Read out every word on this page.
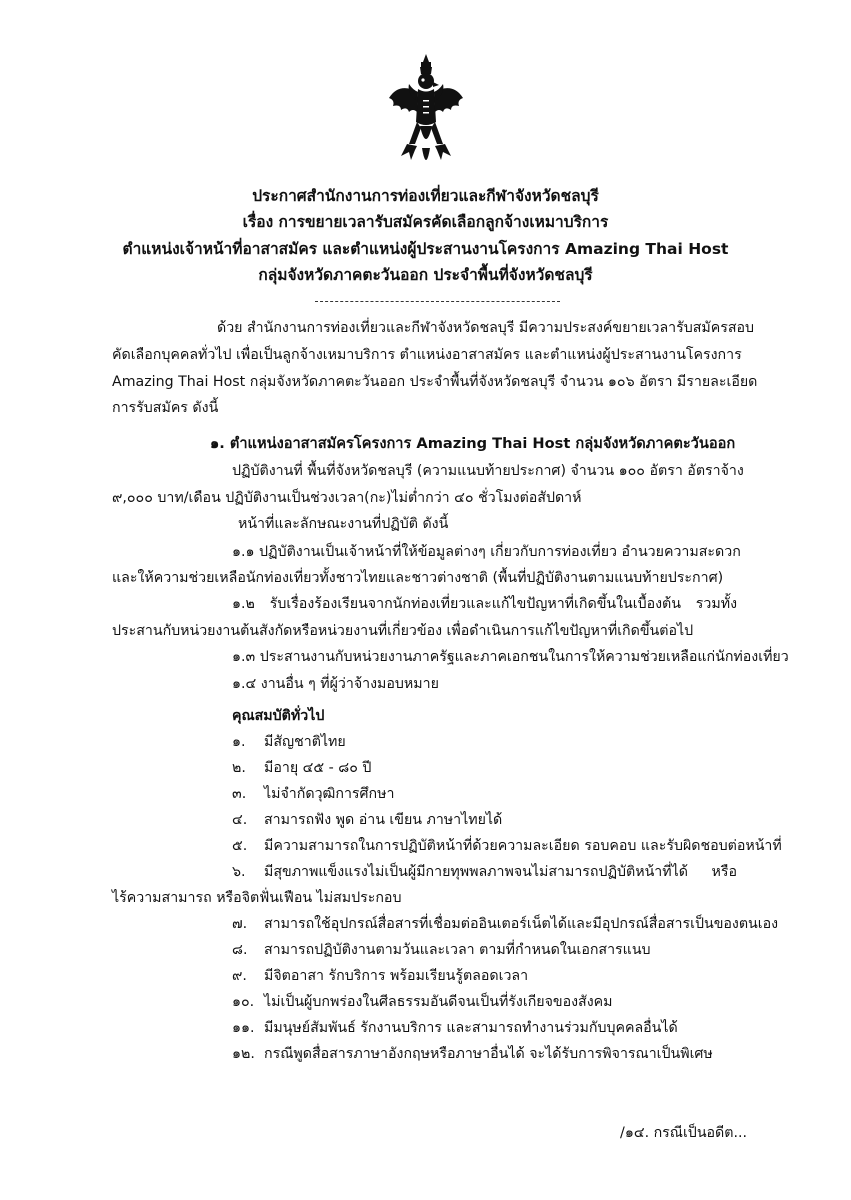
ประกาศสำนักงานการท่องเที่ยวและกีฬาจังหวัดชลบุรี
เรื่อง การขยายเวลารับสมัครคัดเลือกลูกจ้างเหมาบริการ
ตำแหน่งเจ้าหน้าที่อาสาสมัคร และตำแหน่งผู้ประสานงานโครงการ Amazing Thai Host
กลุ่มจังหวัดภาคตะวันออก ประจำพื้นที่จังหวัดชลบุรี
ด้วย สำนักงานการท่องเที่ยวและกีฬาจังหวัดชลบุรี มีความประสงค์ขยายเวลารับสมัครสอบ
คัดเลือกบุคคลทั่วไป เพื่อเป็นลูกจ้างเหมาบริการ ตำแหน่งอาสาสมัคร และตำแหน่งผู้ประสานงานโครงการ
Amazing Thai Host กลุ่มจังหวัดภาคตะวันออก ประจำพื้นที่จังหวัดชลบุรี จำนวน ๑๐๖ อัตรา มีรายละเอียด
การรับสมัคร ดังนี้
๑. ตำแหน่งอาสาสมัครโครงการ Amazing Thai Host กลุ่มจังหวัดภาคตะวันออก
ปฏิบัติงานที่ พื้นที่จังหวัดชลบุรี (ความแนบท้ายประกาศ) จำนวน ๑๐๐ อัตรา อัตราจ้าง
๙,๐๐๐ บาท/เดือน ปฏิบัติงานเป็นช่วงเวลา(กะ)ไม่ต่ำกว่า ๔๐ ชั่วโมงต่อสัปดาห์
หน้าที่และลักษณะงานที่ปฏิบัติ ดังนี้
๑.๑ ปฏิบัติงานเป็นเจ้าหน้าที่ให้ข้อมูลต่างๆ เกี่ยวกับการท่องเที่ยว อำนวยความสะดวก
และให้ความช่วยเหลือนักท่องเที่ยวทั้งชาวไทยและชาวต่างชาติ (พื้นที่ปฏิบัติงานตามแนบท้ายประกาศ)
๑.๒ รับเรื่องร้องเรียนจากนักท่องเที่ยวและแก้ไขปัญหาที่เกิดขึ้นในเบื้องต้น รวมทั้ง
ประสานกับหน่วยงานต้นสังกัดหรือหน่วยงานที่เกี่ยวข้อง เพื่อดำเนินการแก้ไขปัญหาที่เกิดขึ้นต่อไป
๑.๓ ประสานงานกับหน่วยงานภาครัฐและภาคเอกชนในการให้ความช่วยเหลือแก่นักท่องเที่ยว
๑.๔ งานอื่น ๆ ที่ผู้ว่าจ้างมอบหมาย
คุณสมบัติทั่วไป
๑. มีสัญชาติไทย
๒. มีอายุ ๔๕ - ๘๐ ปี
๓. ไม่จำกัดวุฒิการศึกษา
๔. สามารถฟัง พูด อ่าน เขียน ภาษาไทยได้
๕. มีความสามารถในการปฏิบัติหน้าที่ด้วยความละเอียด รอบคอบ และรับผิดชอบต่อหน้าที่
๖. มีสุขภาพแข็งแรงไม่เป็นผู้มีกายทุพพลภาพจนไม่สามารถปฏิบัติหน้าที่ได้ หรือ
ไร้ความสามารถ หรือจิตฟั่นเฟือน ไม่สมประกอบ
๗. สามารถใช้อุปกรณ์สื่อสารที่เชื่อมต่ออินเตอร์เน็ตได้และมีอุปกรณ์สื่อสารเป็นของตนเอง
๘. สามารถปฏิบัติงานตามวันและเวลา ตามที่กำหนดในเอกสารแนบ
๙. มีจิตอาสา รักบริการ พร้อมเรียนรู้ตลอดเวลา
๑๐. ไม่เป็นผู้บกพร่องในศีลธรรมอันดีจนเป็นที่รังเกียจของสังคม
๑๑. มีมนุษย์สัมพันธ์ รักงานบริการ และสามารถทำงานร่วมกับบุคคลอื่นได้
๑๒. กรณีพูดสื่อสารภาษาอังกฤษหรือภาษาอื่นได้ จะได้รับการพิจารณาเป็นพิเศษ
/๑๔. กรณีเป็นอดีต...
